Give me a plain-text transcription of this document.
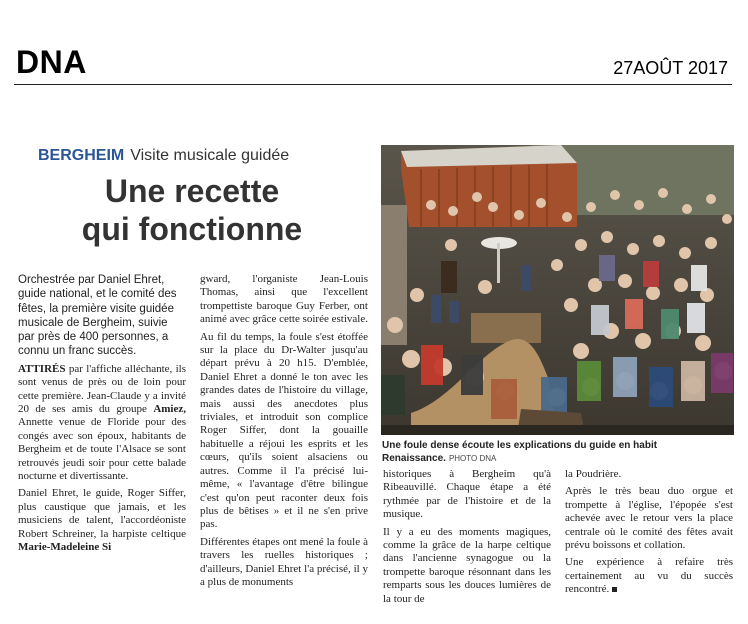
DNA	27AOÛT 2017
BERGHEIM Visite musicale guidée
Une recette
qui fonctionne
Une foule dense écoute les explications du guide en habit Renaissance. PHOTO DNA

Orchestrée par Daniel Ehret, guide national, et le comité des fêtes, la première visite guidée musicale de Bergheim, suivie par près de 400 personnes, a connu un franc succès.

ATTIRÉS par l'affiche alléchante, ils sont venus de près ou de loin pour cette première. Jean-Claude y a invité 20 de ses amis du groupe Amiez, Annette venue de Floride pour des congés avec son époux, habitants de Bergheim et de toute l'Alsace se sont retrouvés jeudi soir pour cette balade nocturne et divertissante.

Daniel Ehret, le guide, Roger Siffer, plus caustique que jamais, et les musiciens de talent, l'accordéoniste Robert Schreiner, la harpiste celtique Marie-Madeleine Si

gward, l'organiste Jean-Louis Thomas, ainsi que l'excellent trompettiste baroque Guy Ferber, ont animé avec grâce cette soirée estivale.

Au fil du temps, la foule s'est étoffée sur la place du Dr-Walter jusqu'au départ prévu à 20 h15. D'emblée, Daniel Ehret a donné le ton avec les grandes dates de l'histoire du village, mais aussi des anecdotes plus triviales, et introduit son complice Roger Siffer, dont la gouaille habituelle a réjoui les esprits et les cœurs, qu'ils soient alsaciens ou autres. Comme il l'a précisé lui-même, « l'avantage d'être bilingue c'est qu'on peut raconter deux fois plus de bêtises » et il ne s'en prive pas.

Différentes étapes ont mené la foule à travers les ruelles historiques ; d'ailleurs, Daniel Ehret l'a précisé, il y a plus de monuments

historiques à Bergheim qu'à Ribeauvillé. Chaque étape a été rythmée par de l'histoire et de la musique.

Il y a eu des moments magiques, comme la grâce de la harpe celtique dans l'ancienne synagogue ou la trompette baroque résonnant dans les remparts sous les douces lumières de la tour de

la Poudrière.

Après le très beau duo orgue et trompette à l'église, l'épopée s'est achevée avec le retour vers la place centrale où le comité des fêtes avait prévu boissons et collation.

Une expérience à refaire très certainement au vu du succès rencontré.
